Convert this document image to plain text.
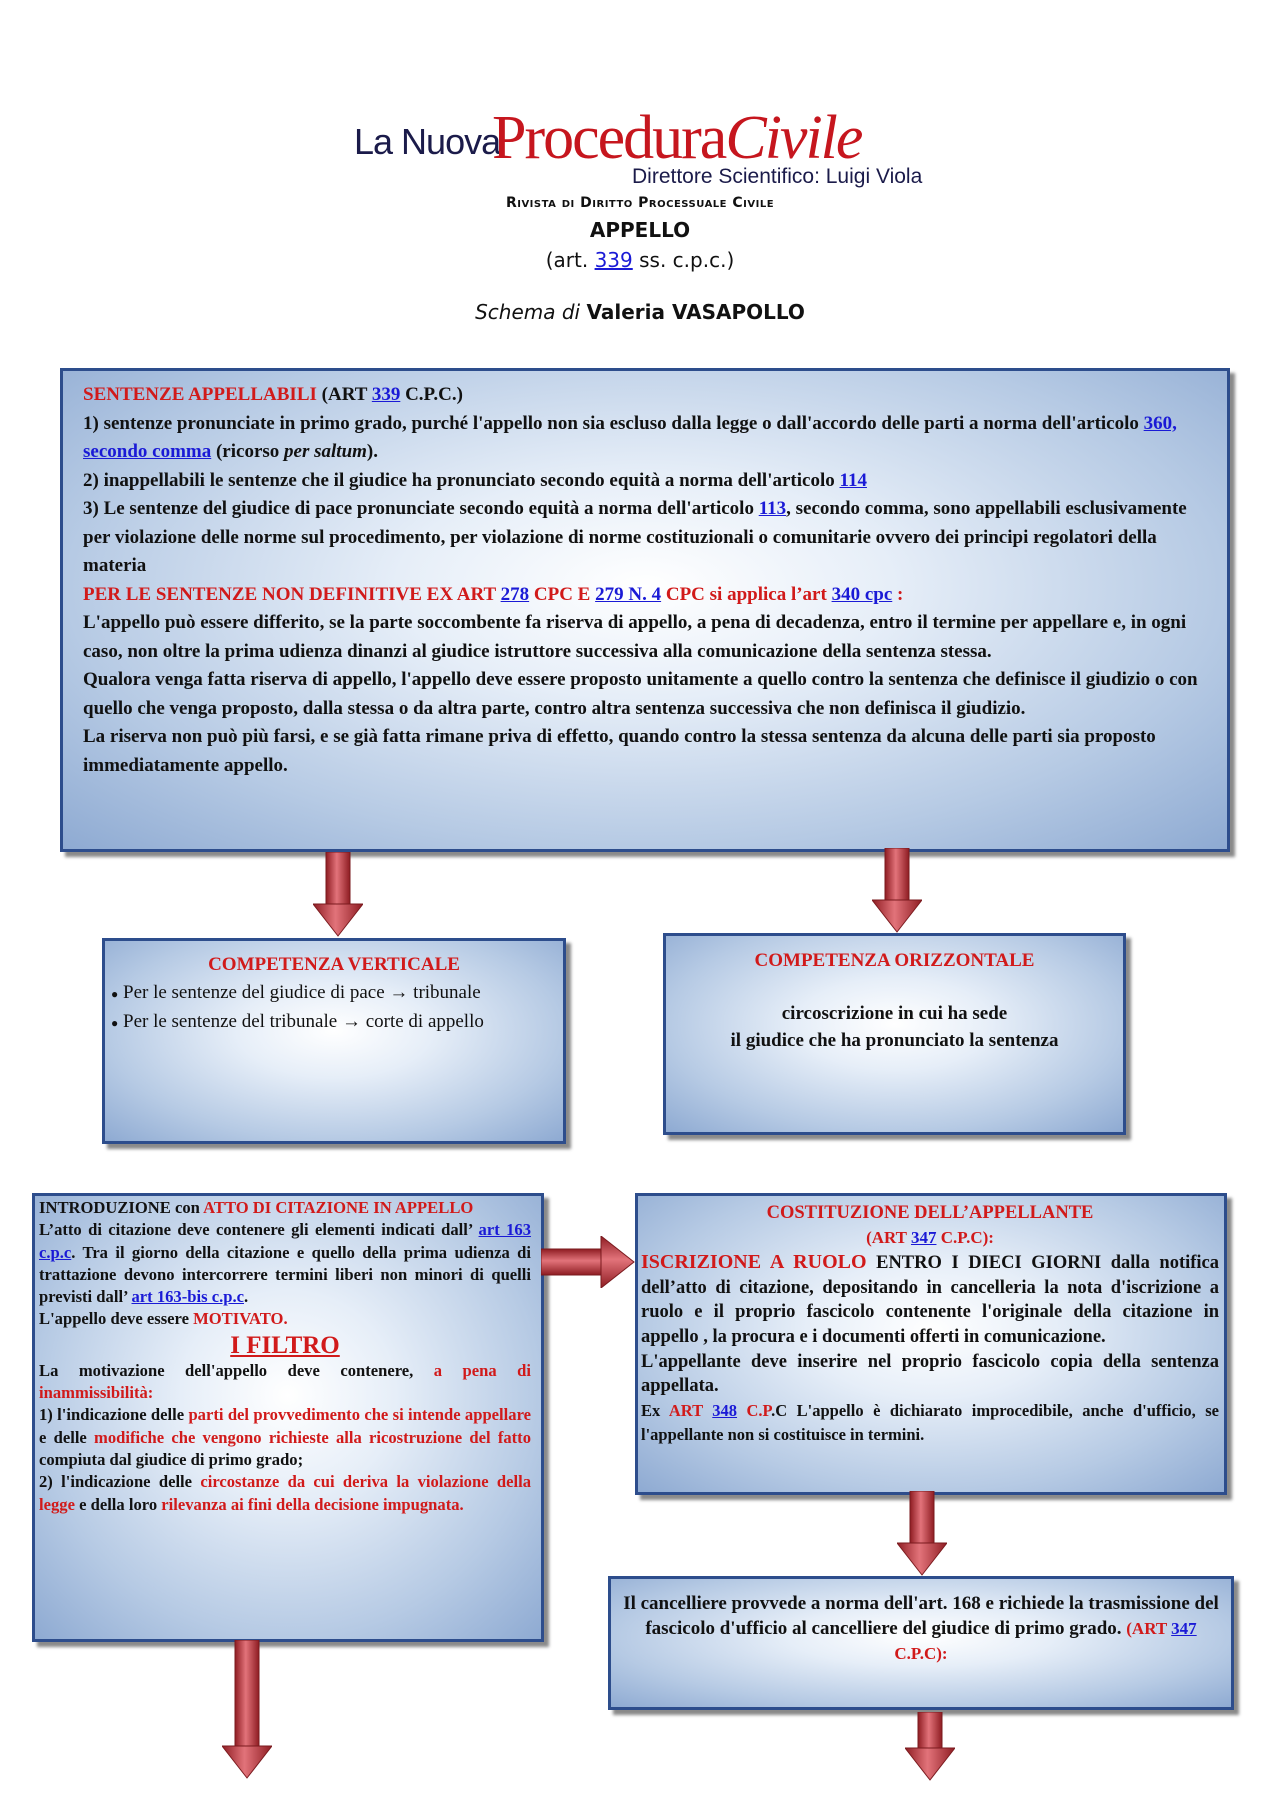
La Nuova
ProceduraCivile
Direttore Scientifico: Luigi Viola
Rivista di Diritto Processuale Civile
APPELLO
(art. 339 ss. c.p.c.)
Schema di Valeria VASAPOLLO
SENTENZE APPELLABILI (ART 339 C.P.C.)
1) sentenze pronunciate in primo grado, purché l'appello non sia escluso dalla legge o dall'accordo delle parti a norma dell'articolo 360, secondo comma (ricorso per saltum).
2) inappellabili le sentenze che il giudice ha pronunciato secondo equità a norma dell'articolo 114
3) Le sentenze del giudice di pace pronunciate secondo equità a norma dell'articolo 113, secondo comma, sono appellabili esclusivamente per violazione delle norme sul procedimento, per violazione di norme costituzionali o comunitarie ovvero dei principi regolatori della materia
PER LE SENTENZE NON DEFINITIVE EX ART 278 CPC E 279 N. 4 CPC si applica l’art 340 cpc :
L'appello può essere differito, se la parte soccombente fa riserva di appello, a pena di decadenza, entro il termine per appellare e, in ogni caso, non oltre la prima udienza dinanzi al giudice istruttore successiva alla comunicazione della sentenza stessa.
Qualora venga fatta riserva di appello, l'appello deve essere proposto unitamente a quello contro la sentenza che definisce il giudizio o con quello che venga proposto, dalla stessa o da altra parte, contro altra sentenza successiva che non definisca il giudizio.
La riserva non può più farsi, e se già fatta rimane priva di effetto, quando contro la stessa sentenza da alcuna delle parti sia proposto immediatamente appello.
COMPETENZA VERTICALE
● Per le sentenze del giudice di pace → tribunale
● Per le sentenze del tribunale → corte di appello
COMPETENZA ORIZZONTALE
circoscrizione in cui ha sede
il giudice che ha pronunciato la sentenza
INTRODUZIONE con ATTO DI CITAZIONE IN APPELLO
L’atto di citazione deve contenere gli elementi indicati dall’ art 163 c.p.c. Tra il giorno della citazione e quello della prima udienza di trattazione devono intercorrere termini liberi non minori di quelli previsti dall’ art 163-bis c.p.c.
L'appello deve essere MOTIVATO.
I FILTRO
La motivazione dell'appello deve contenere, a pena di inammissibilità:
1) l'indicazione delle parti del provvedimento che si intende appellare e delle modifiche che vengono richieste alla ricostruzione del fatto compiuta dal giudice di primo grado;
2) l'indicazione delle circostanze da cui deriva la violazione della legge e della loro rilevanza ai fini della decisione impugnata.
COSTITUZIONE DELL’APPELLANTE
(ART 347 C.P.C):
ISCRIZIONE A RUOLO ENTRO I DIECI GIORNI dalla notifica dell’atto di citazione, depositando in cancelleria la nota d'iscrizione a ruolo e il proprio fascicolo contenente l'originale della citazione in appello , la procura e i documenti offerti in comunicazione.
L'appellante deve inserire nel proprio fascicolo copia della sentenza appellata.
Ex ART 348 C.P.C L'appello è dichiarato improcedibile, anche d'ufficio, se l'appellante non si costituisce in termini.
Il cancelliere provvede a norma dell'art. 168 e richiede la trasmissione del fascicolo d'ufficio al cancelliere del giudice di primo grado. (ART 347 C.P.C):
